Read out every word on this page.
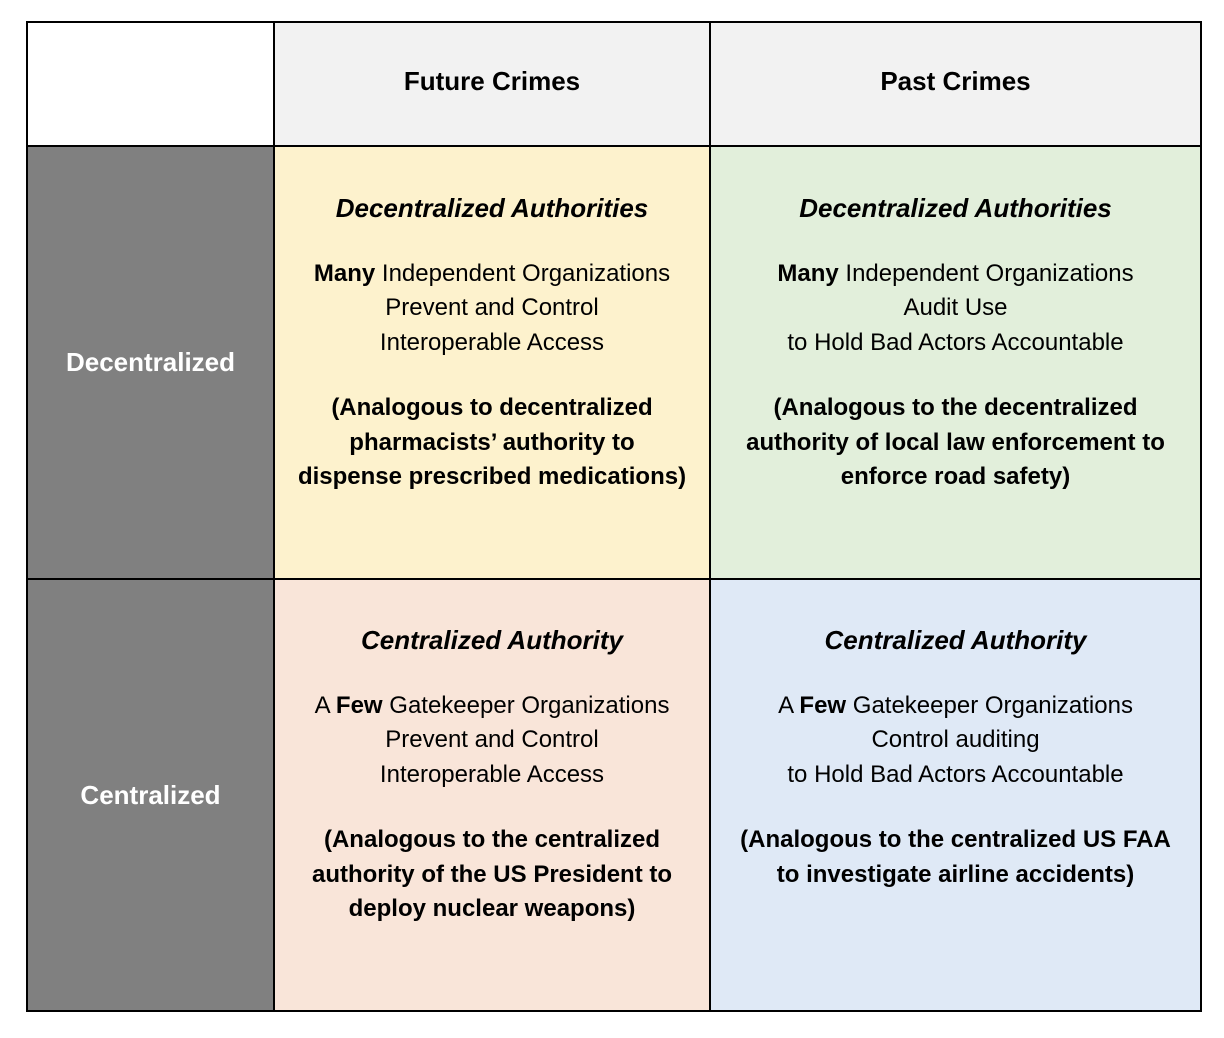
Future Crimes	Past Crimes
Decentralized
Decentralized Authorities
Many Independent Organizations
Prevent and Control
Interoperable Access
(Analogous to decentralized
pharmacists’ authority to
dispense prescribed medications)
Decentralized Authorities
Many Independent Organizations
Audit Use
to Hold Bad Actors Accountable
(Analogous to the decentralized
authority of local law enforcement to
enforce road safety)
Centralized
Centralized Authority
A Few Gatekeeper Organizations
Prevent and Control
Interoperable Access
(Analogous to the centralized
authority of the US President to
deploy nuclear weapons)
Centralized Authority
A Few Gatekeeper Organizations
Control auditing
to Hold Bad Actors Accountable
(Analogous to the centralized US FAA
to investigate airline accidents)
